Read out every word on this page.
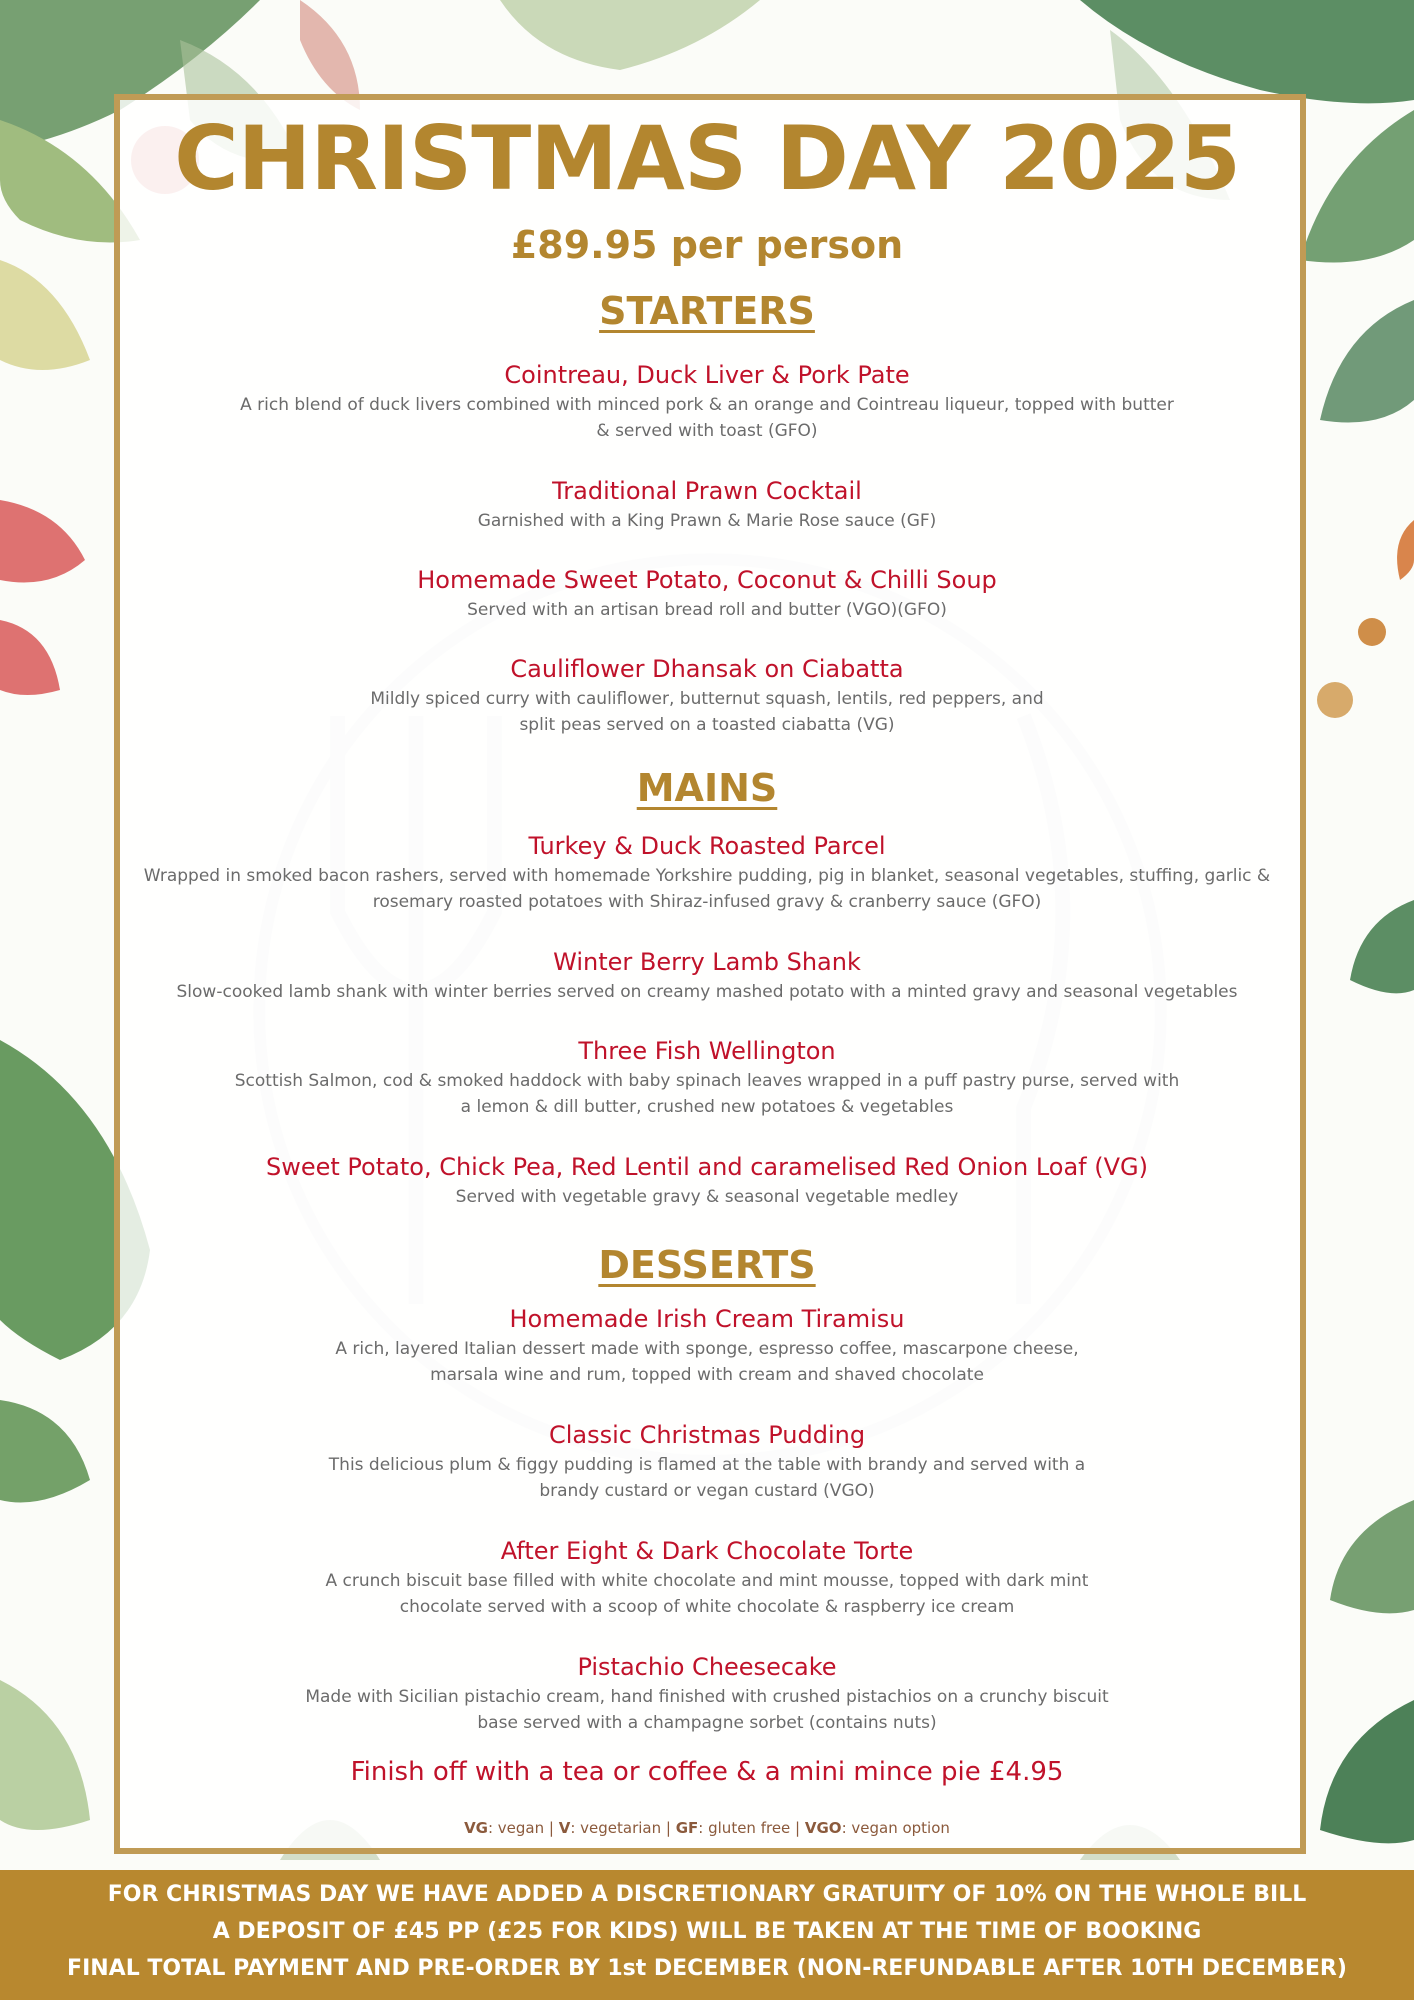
CHRISTMAS DAY 2025
£89.95 per person
STARTERS
Cointreau, Duck Liver & Pork Pate
A rich blend of duck livers combined with minced pork & an orange and Cointreau liqueur, topped with butter
& served with toast (GFO)
Traditional Prawn Cocktail
Garnished with a King Prawn & Marie Rose sauce (GF)
Homemade Sweet Potato, Coconut & Chilli Soup
Served with an artisan bread roll and butter (VGO)(GFO)
Cauliflower Dhansak on Ciabatta
Mildly spiced curry with cauliflower, butternut squash, lentils, red peppers, and
split peas served on a toasted ciabatta (VG)
MAINS
Turkey & Duck Roasted Parcel
Wrapped in smoked bacon rashers, served with homemade Yorkshire pudding, pig in blanket, seasonal vegetables, stuffing, garlic &
rosemary roasted potatoes with Shiraz-infused gravy & cranberry sauce (GFO)
Winter Berry Lamb Shank
Slow-cooked lamb shank with winter berries served on creamy mashed potato with a minted gravy and seasonal vegetables
Three Fish Wellington
Scottish Salmon, cod & smoked haddock with baby spinach leaves wrapped in a puff pastry purse, served with
a lemon & dill butter, crushed new potatoes & vegetables
Sweet Potato, Chick Pea, Red Lentil and caramelised Red Onion Loaf (VG)
Served with vegetable gravy & seasonal vegetable medley
DESSERTS
Homemade Irish Cream Tiramisu
A rich, layered Italian dessert made with sponge, espresso coffee, mascarpone cheese,
marsala wine and rum, topped with cream and shaved chocolate
Classic Christmas Pudding
This delicious plum & figgy pudding is flamed at the table with brandy and served with a
brandy custard or vegan custard (VGO)
After Eight & Dark Chocolate Torte
A crunch biscuit base filled with white chocolate and mint mousse, topped with dark mint
chocolate served with a scoop of white chocolate & raspberry ice cream
Pistachio Cheesecake
Made with Sicilian pistachio cream, hand finished with crushed pistachios on a crunchy biscuit
base served with a champagne sorbet (contains nuts)
Finish off with a tea or coffee & a mini mince pie £4.95
VG: vegan | V: vegetarian | GF: gluten free | VGO: vegan option
FOR CHRISTMAS DAY WE HAVE ADDED A DISCRETIONARY GRATUITY OF 10% ON THE WHOLE BILL
A DEPOSIT OF £45 PP (£25 FOR KIDS) WILL BE TAKEN AT THE TIME OF BOOKING
FINAL TOTAL PAYMENT AND PRE-ORDER BY 1st DECEMBER (NON-REFUNDABLE AFTER 10TH DECEMBER)
